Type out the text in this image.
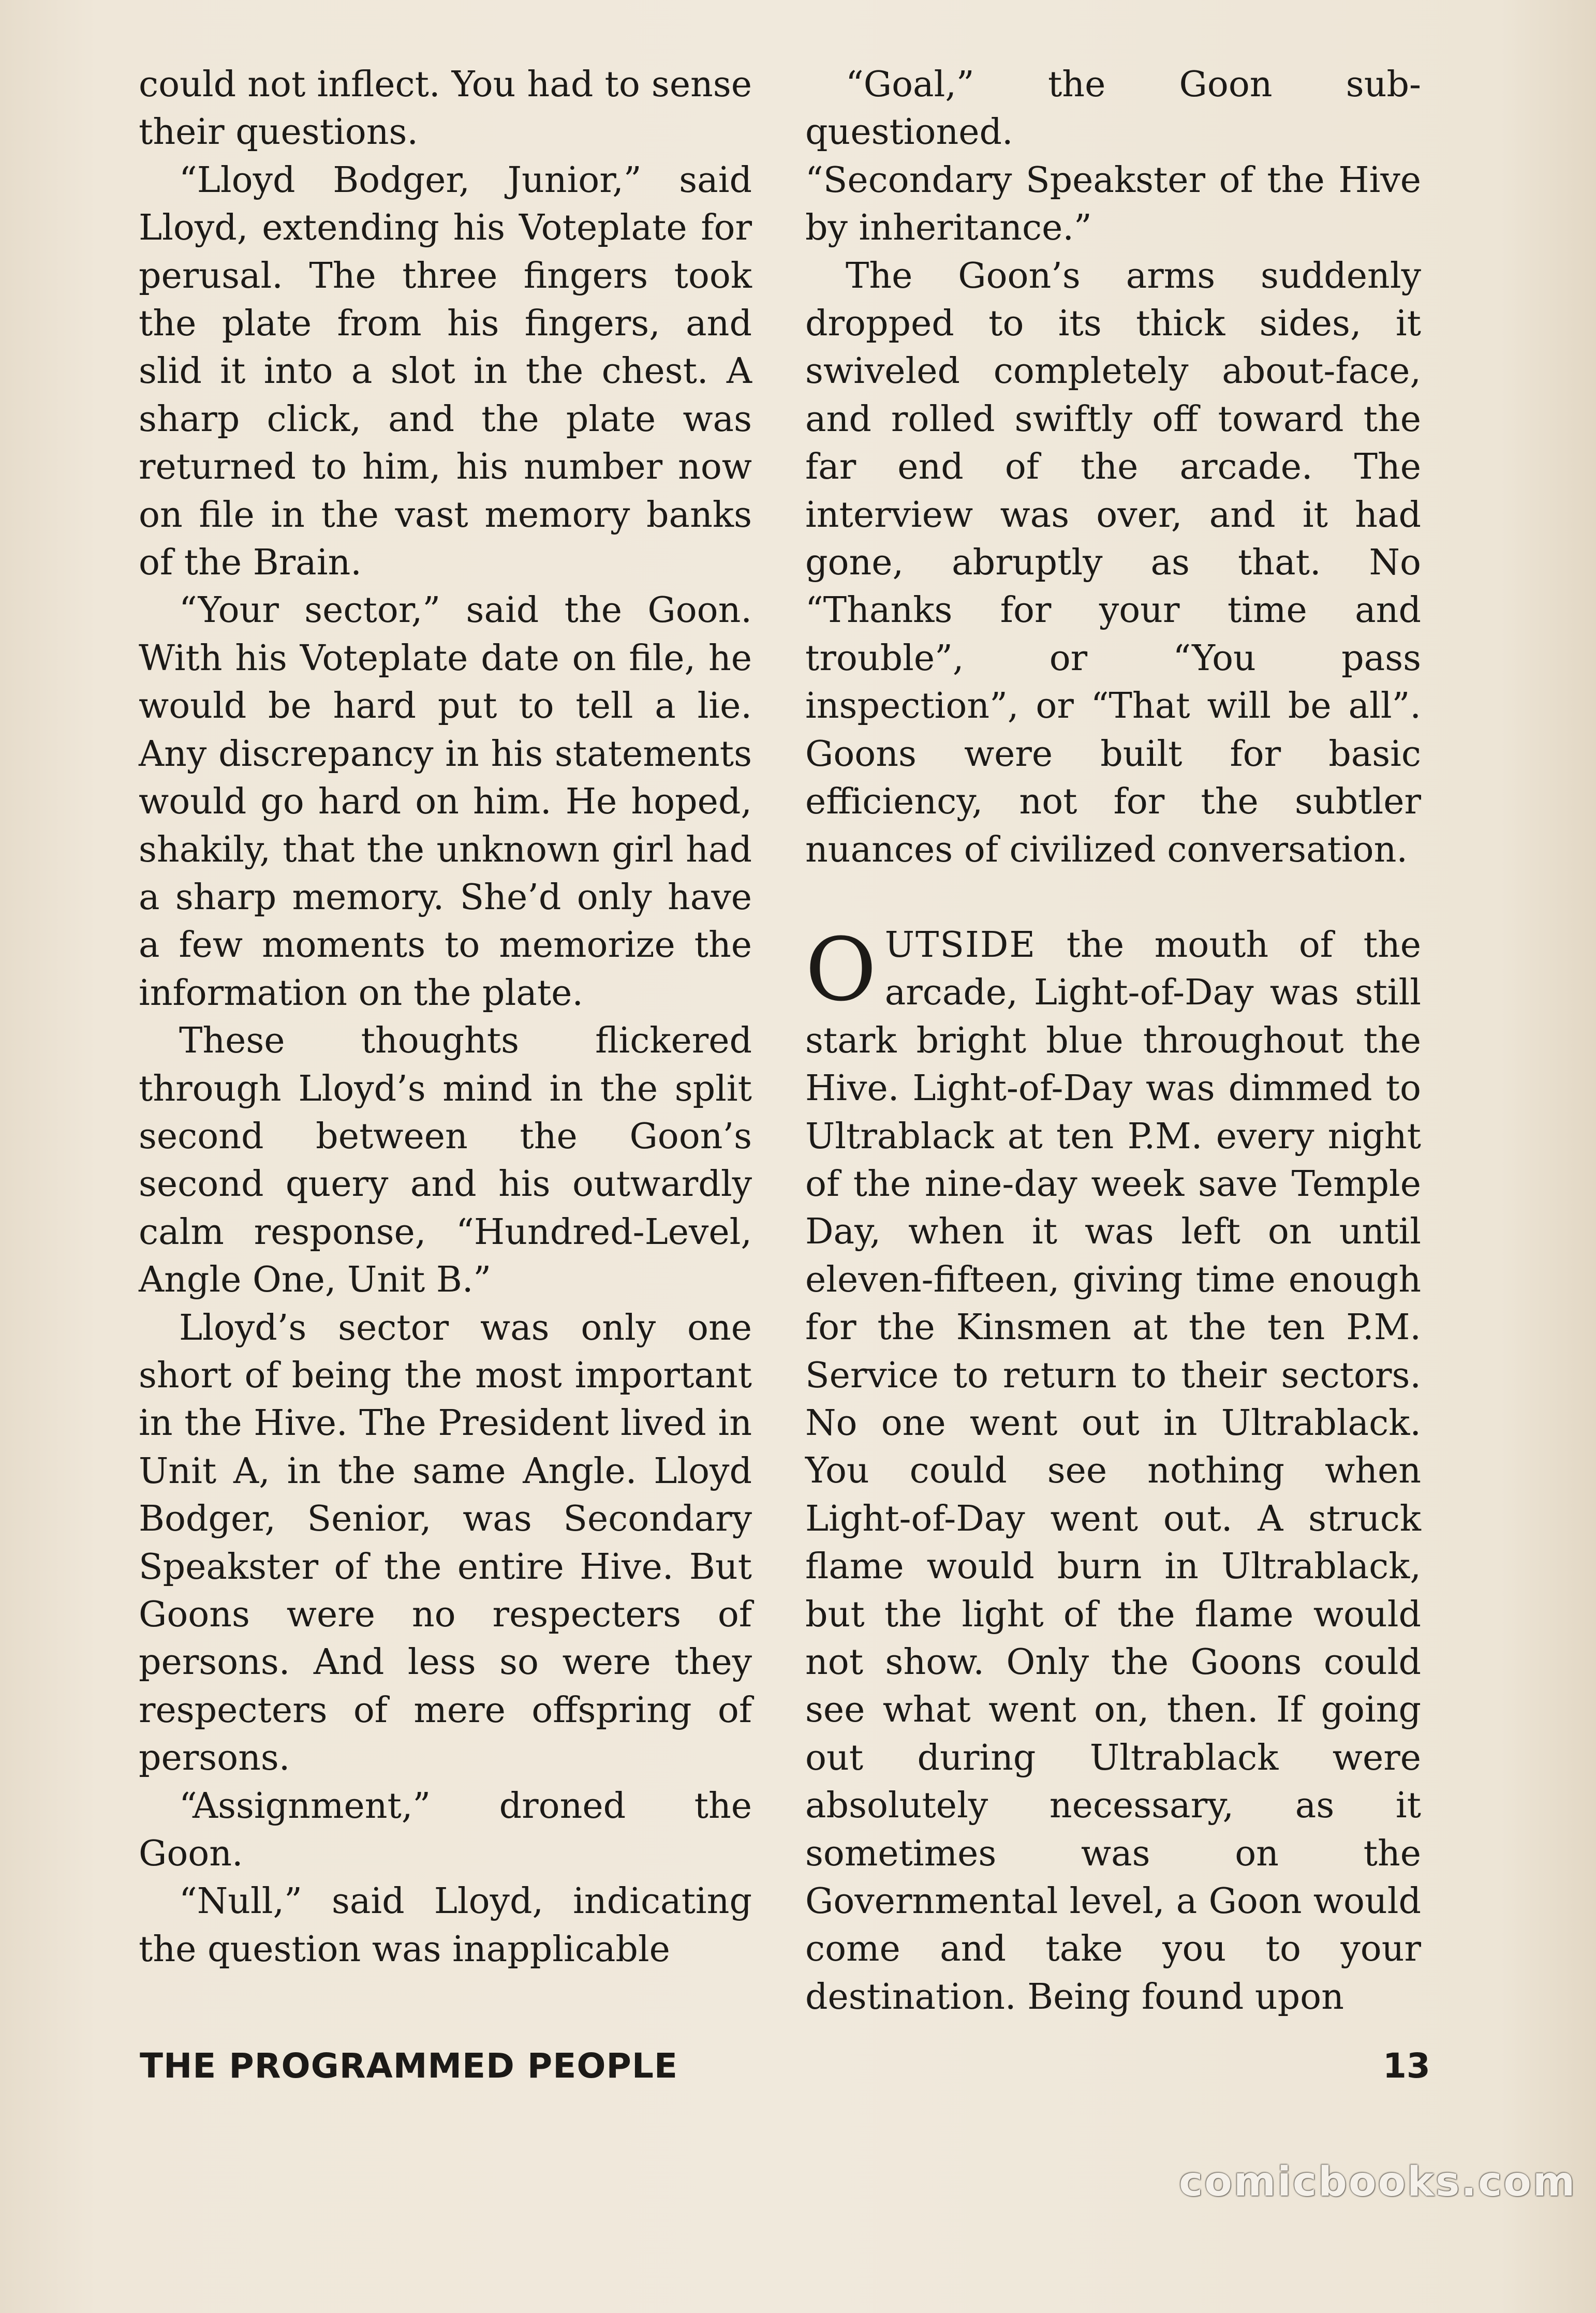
could not inflect. You had to sense their questions.

“Lloyd Bodger, Junior,” said Lloyd, extending his Voteplate for perusal. The three fingers took the plate from his fingers, and slid it into a slot in the chest. A sharp click, and the plate was returned to him, his number now on file in the vast memory banks of the Brain.

“Your sector,” said the Goon. With his Voteplate date on file, he would be hard put to tell a lie. Any discrepancy in his statements would go hard on him. He hoped, shakily, that the unknown girl had a sharp memory. She’d only have a few moments to memorize the information on the plate.

These thoughts flickered through Lloyd’s mind in the split second between the Goon’s second query and his outwardly calm response, “Hundred-Level, Angle One, Unit B.”

Lloyd’s sector was only one short of being the most important in the Hive. The President lived in Unit A, in the same Angle. Lloyd Bodger, Senior, was Secondary Speakster of the entire Hive. But Goons were no respecters of persons. And less so were they respecters of mere offspring of persons.

“Assignment,” droned the Goon.

“Null,” said Lloyd, indicating the question was inapplicable

“Goal,” the Goon sub-questioned.

“Secondary Speakster of the Hive by inheritance.”

The Goon’s arms suddenly dropped to its thick sides, it swiveled completely about-face, and rolled swiftly off toward the far end of the arcade. The interview was over, and it had gone, abruptly as that. No “Thanks for your time and trouble”, or “You pass inspection”, or “That will be all”. Goons were built for basic efficiency, not for the subtler nuances of civilized conversation.

OUTSIDE the mouth of the arcade, Light-of-Day was still stark bright blue throughout the Hive. Light-of-Day was dimmed to Ultrablack at ten P.M. every night of the nine-day week save Temple Day, when it was left on until eleven-fifteen, giving time enough for the Kinsmen at the ten P.M. Service to return to their sectors. No one went out in Ultrablack. You could see nothing when Light-of-Day went out. A struck flame would burn in Ultrablack, but the light of the flame would not show. Only the Goons could see what went on, then. If going out during Ultrablack were absolutely necessary, as it sometimes was on the Governmental level, a Goon would come and take you to your destination. Being found upon

THE PROGRAMMED PEOPLE	13
comicbooks.com
